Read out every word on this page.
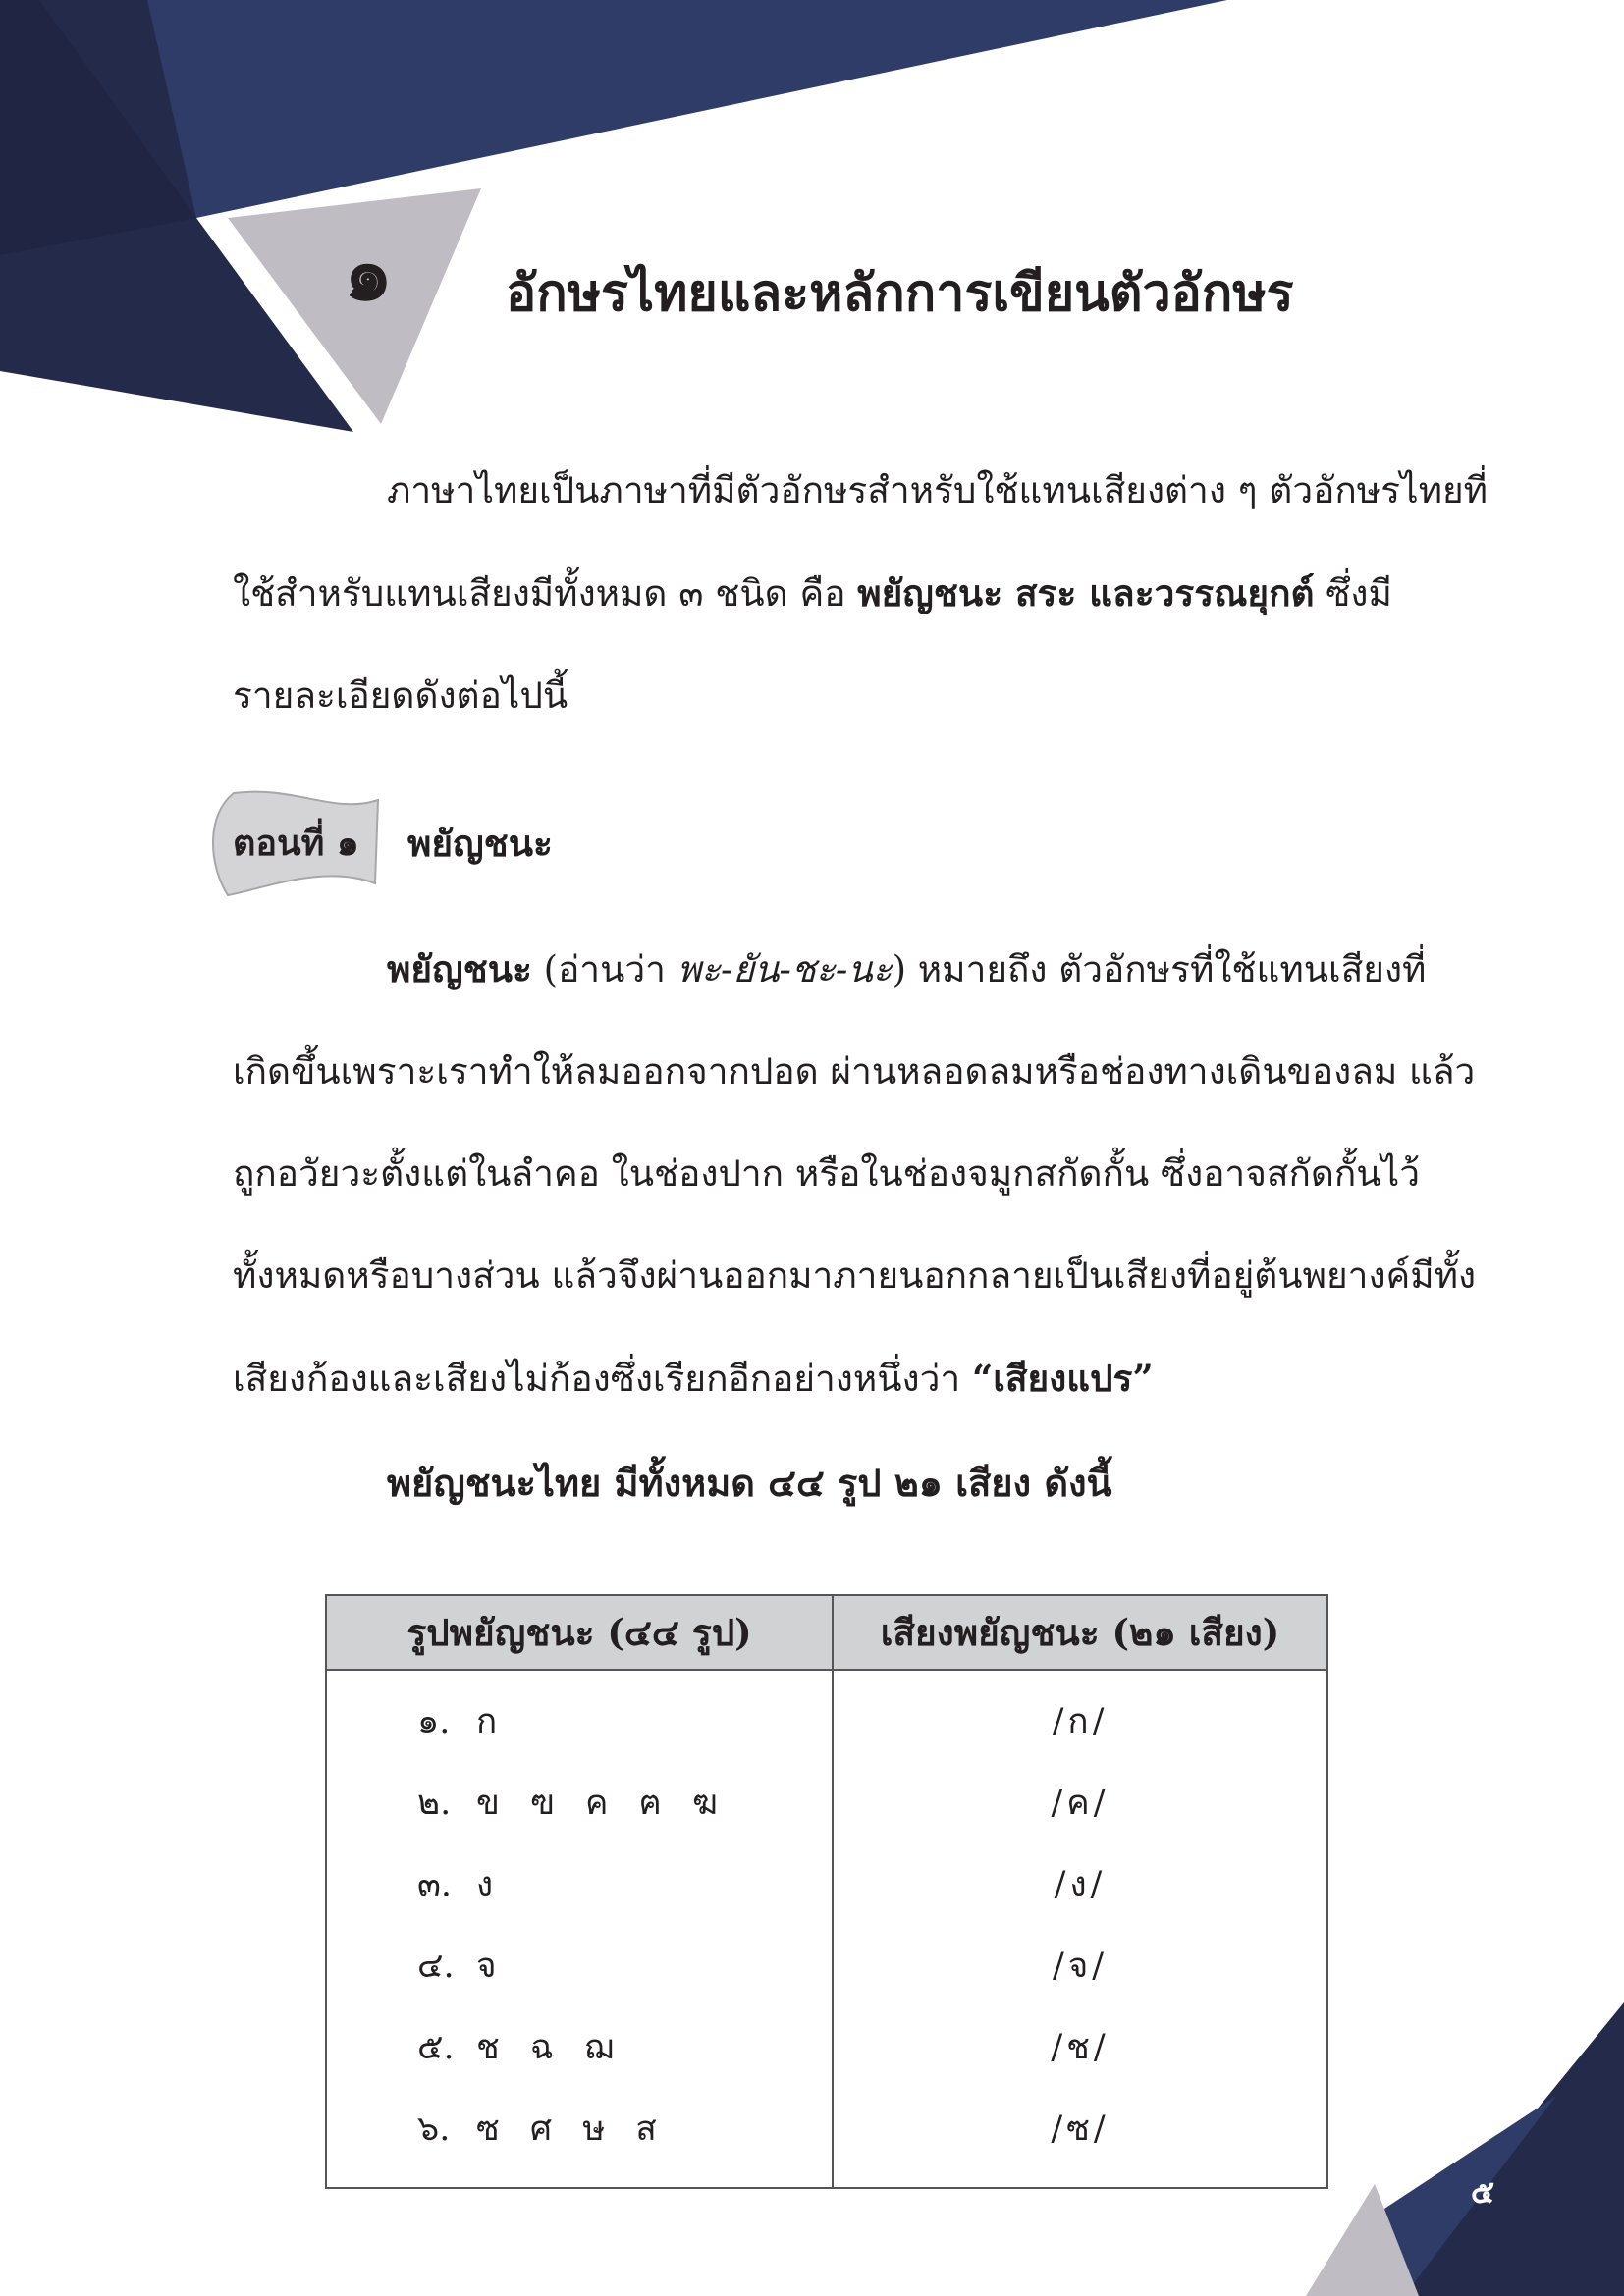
๑	อักษรไทยและหลักการเขียนตัวอักษร
ภาษาไทยเป็นภาษาที่มีตัวอักษรสำหรับใช้แทนเสียงต่าง ๆ ตัวอักษรไทยที่
ใช้สำหรับแทนเสียงมีทั้งหมด ๓ ชนิด คือ พยัญชนะ สระ และวรรณยุกต์ ซึ่งมี
รายละเอียดดังต่อไปนี้
ตอนที่ ๑ พยัญชนะ
พยัญชนะ (อ่านว่า พะ-ยัน-ชะ-นะ) หมายถึง ตัวอักษรที่ใช้แทนเสียงที่
เกิดขึ้นเพราะเราทำให้ลมออกจากปอด ผ่านหลอดลมหรือช่องทางเดินของลม แล้ว
ถูกอวัยวะตั้งแต่ในลำคอ ในช่องปาก หรือในช่องจมูกสกัดกั้น ซึ่งอาจสกัดกั้นไว้
ทั้งหมดหรือบางส่วน แล้วจึงผ่านออกมาภายนอกกลายเป็นเสียงที่อยู่ต้นพยางค์มีทั้ง
เสียงก้องและเสียงไม่ก้องซึ่งเรียกอีกอย่างหนึ่งว่า “เสียงแปร”
พยัญชนะไทย มีทั้งหมด ๔๔ รูป ๒๑ เสียง ดังนี้
รูปพยัญชนะ (๔๔ รูป)	เสียงพยัญชนะ (๒๑ เสียง)
๑. ก	/ก/
๒. ข ฃ ค ฅ ฆ	/ค/
๓. ง	/ง/
๔. จ	/จ/
๕. ช ฉ ฌ	/ช/
๖. ซ ศ ษ ส	/ซ/
๕
